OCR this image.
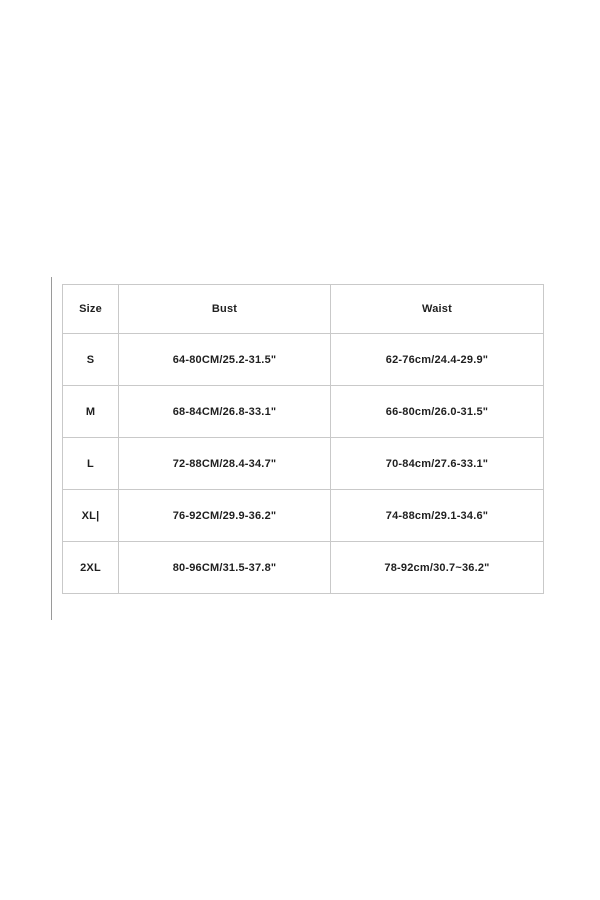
Size	Bust	Waist
S	64-80CM/25.2-31.5"	62-76cm/24.4-29.9"
M	68-84CM/26.8-33.1"	66-80cm/26.0-31.5"
L	72-88CM/28.4-34.7"	70-84cm/27.6-33.1"
XL|	76-92CM/29.9-36.2"	74-88cm/29.1-34.6"
2XL	80-96CM/31.5-37.8"	78-92cm/30.7~36.2"
